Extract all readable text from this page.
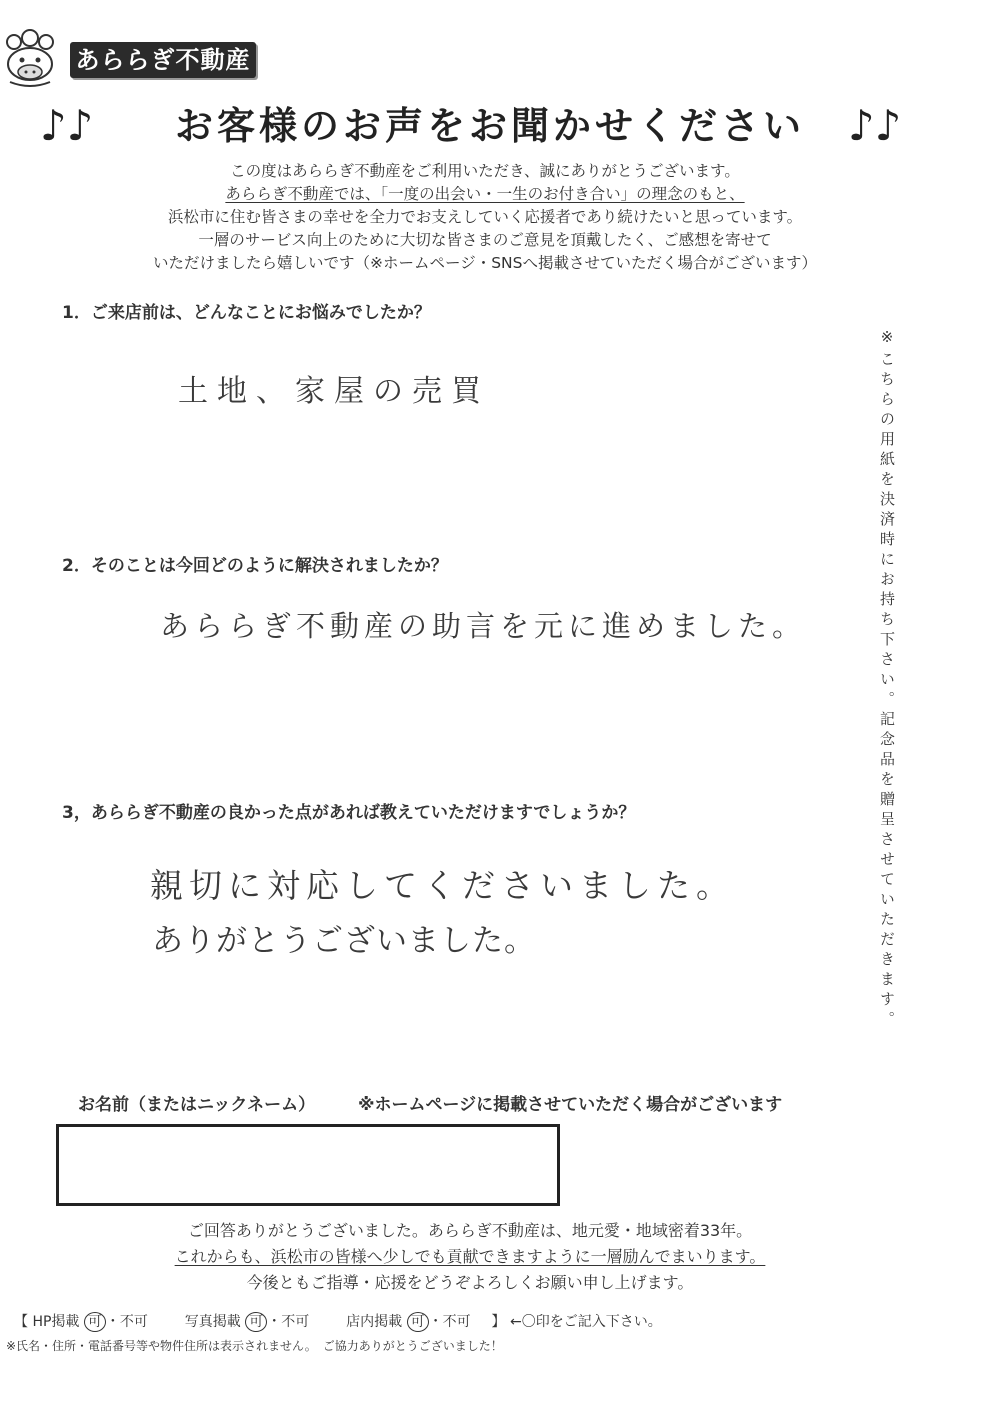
あららぎ不動産
♪♪	お客様のお声をお聞かせください	♪♪
この度はあららぎ不動産をご利用いただき、誠にありがとうございます。
あららぎ不動産では、「一度の出会い・一生のお付き合い」の理念のもと、
浜松市に住む皆さまの幸せを全力でお支えしていく応援者であり続けたいと思っています。
一層のサービス向上のために大切な皆さまのご意見を頂戴したく、ご感想を寄せて
いただけましたら嬉しいです（※ホームページ・SNSへ掲載させていただく場合がございます）
1．ご来店前は、どんなことにお悩みでしたか？
土地、家屋の売買
2．そのことは今回どのように解決されましたか？
あららぎ不動産の助言を元に進めました。
3，あららぎ不動産の良かった点があれば教えていただけますでしょうか？
親切に対応してくださいました。
ありがとうございました。	※こちらの用紙を決済時にお持ち下さい。記念品を贈呈させていただきます。
お名前（またはニックネーム）	※ホームページに掲載させていただく場合がございます
ご回答ありがとうございました。あららぎ不動産は、地元愛・地域密着33年。
これからも、浜松市の皆様へ少しでも貢献できますように一層励んでまいります。
今後ともご指導・応援をどうぞよろしくお願い申し上げます。
【 HP掲載 可 ・不可	写真掲載 可 ・不可	店内掲載 可 ・不可 】 ←〇印をご記入下さい。
※氏名・住所・電話番号等や物件住所は表示されません。　ご協力ありがとうございました！
